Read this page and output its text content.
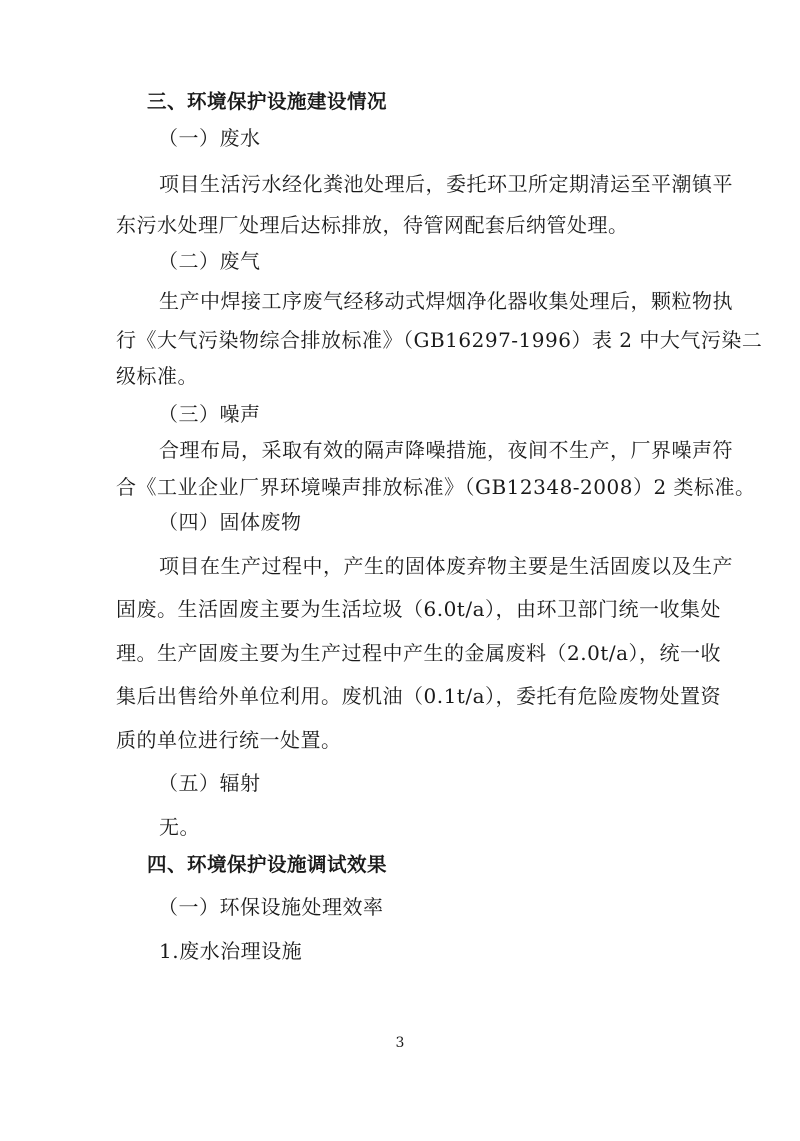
三、环境保护设施建设情况
（一）废水
项目生活污水经化粪池处理后，委托环卫所定期清运至平潮镇平
东污水处理厂处理后达标排放，待管网配套后纳管处理。
（二）废气
生产中焊接工序废气经移动式焊烟净化器收集处理后，颗粒物执
行《大气污染物综合排放标准》（GB16297-1996）表 2 中大气污染二
级标准。
（三）噪声
合理布局，采取有效的隔声降噪措施，夜间不生产，厂界噪声符
合《工业企业厂界环境噪声排放标准》（GB12348-2008）2 类标准。
（四）固体废物
项目在生产过程中，产生的固体废弃物主要是生活固废以及生产
固废。生活固废主要为生活垃圾（6.0t/a），由环卫部门统一收集处
理。生产固废主要为生产过程中产生的金属废料（2.0t/a），统一收
集后出售给外单位利用。废机油（0.1t/a），委托有危险废物处置资
质的单位进行统一处置。
（五）辐射
无。
四、环境保护设施调试效果
（一）环保设施处理效率
1.废水治理设施
3
